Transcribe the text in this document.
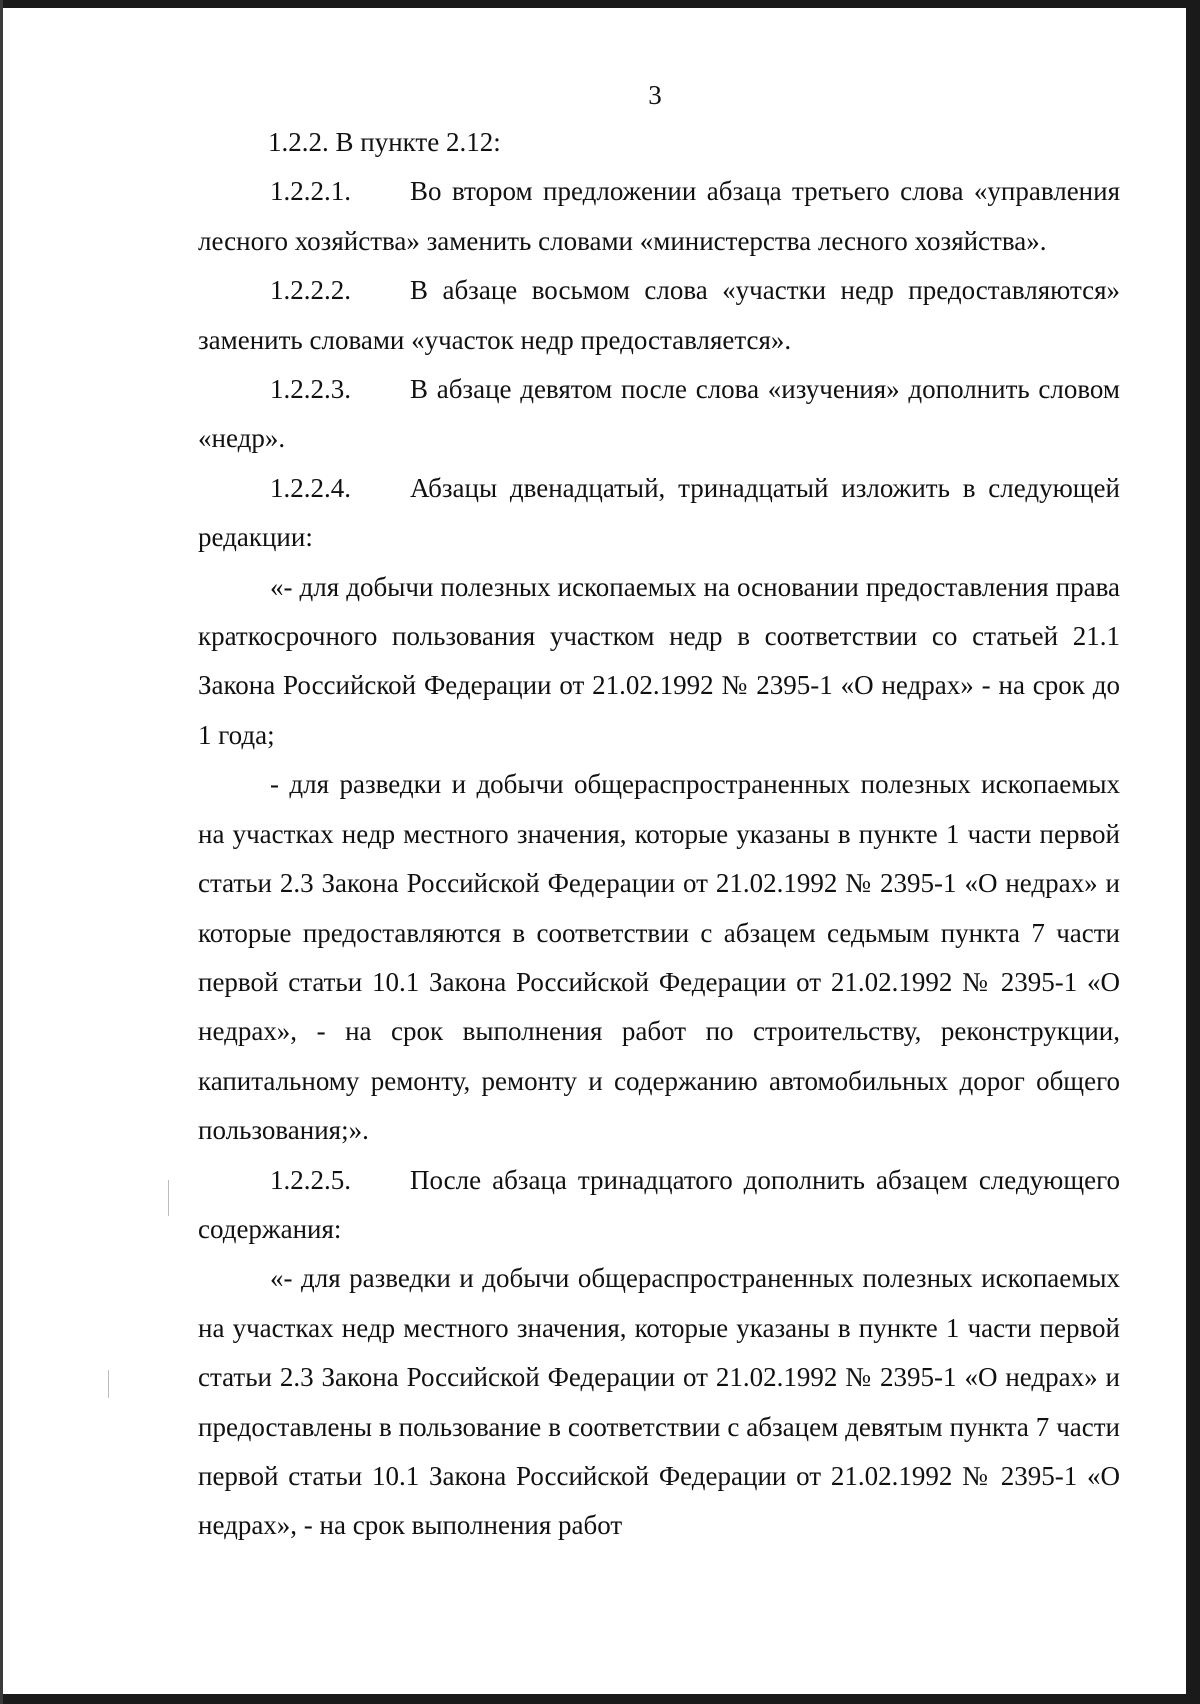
3

1.2.2. В пункте 2.12:

1.2.2.1. Во втором предложении абзаца третьего слова «управления лесного хозяйства» заменить словами «министерства лесного хозяйства».

1.2.2.2. В абзаце восьмом слова «участки недр предоставляются» заменить словами «участок недр предоставляется».

1.2.2.3. В абзаце девятом после слова «изучения» дополнить словом «недр».

1.2.2.4. Абзацы двенадцатый, тринадцатый изложить в следующей редакции:

«- для добычи полезных ископаемых на основании предоставления права краткосрочного пользования участком недр в соответствии со статьей 21.1 Закона Российской Федерации от 21.02.1992 № 2395-1 «О недрах» - на срок до 1 года;

- для разведки и добычи общераспространенных полезных ископаемых на участках недр местного значения, которые указаны в пункте 1 части первой статьи 2.3 Закона Российской Федерации от 21.02.1992 № 2395-1 «О недрах» и которые предоставляются в соответствии с абзацем седьмым пункта 7 части первой статьи 10.1 Закона Российской Федерации от 21.02.1992 № 2395-1 «О недрах», - на срок выполнения работ по строительству, реконструкции, капитальному ремонту, ремонту и содержанию автомобильных дорог общего пользования;».

1.2.2.5. После абзаца тринадцатого дополнить абзацем следующего содержания:

«- для разведки и добычи общераспространенных полезных ископаемых на участках недр местного значения, которые указаны в пункте 1 части первой статьи 2.3 Закона Российской Федерации от 21.02.1992 № 2395-1 «О недрах» и предоставлены в пользование в соответствии с абзацем девятым пункта 7 части первой статьи 10.1 Закона Российской Федерации от 21.02.1992 № 2395-1 «О недрах», - на срок выполнения работ
